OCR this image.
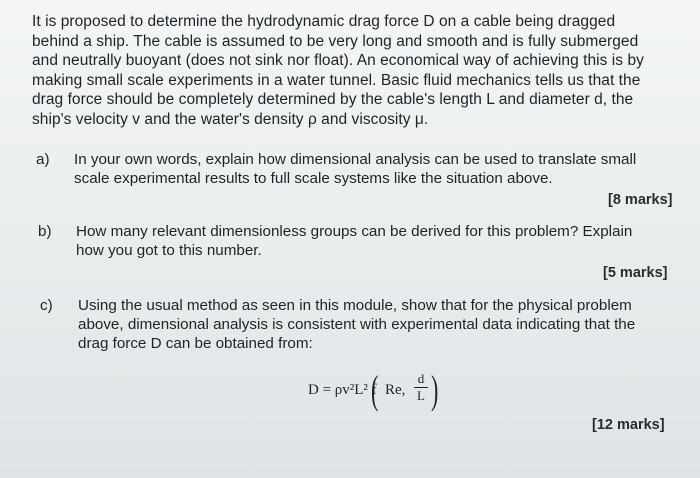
It is proposed to determine the hydrodynamic drag force D on a cable being dragged
behind a ship. The cable is assumed to be very long and smooth and is fully submerged
and neutrally buoyant (does not sink nor float). An economical way of achieving this is by
making small scale experiments in a water tunnel. Basic fluid mechanics tells us that the
drag force should be completely determined by the cable's length L and diameter d, the
ship's velocity v and the water's density ρ and viscosity μ.
a) In your own words, explain how dimensional analysis can be used to translate small
scale experimental results to full scale systems like the situation above.
[8 marks]
b) How many relevant dimensionless groups can be derived for this problem? Explain
how you got to this number.
[5 marks]
c) Using the usual method as seen in this module, show that for the physical problem
above, dimensional analysis is consistent with experimental data indicating that the
drag force D can be obtained from:
D = ρv²L² f
( Re,
d
L )
[12 marks]
